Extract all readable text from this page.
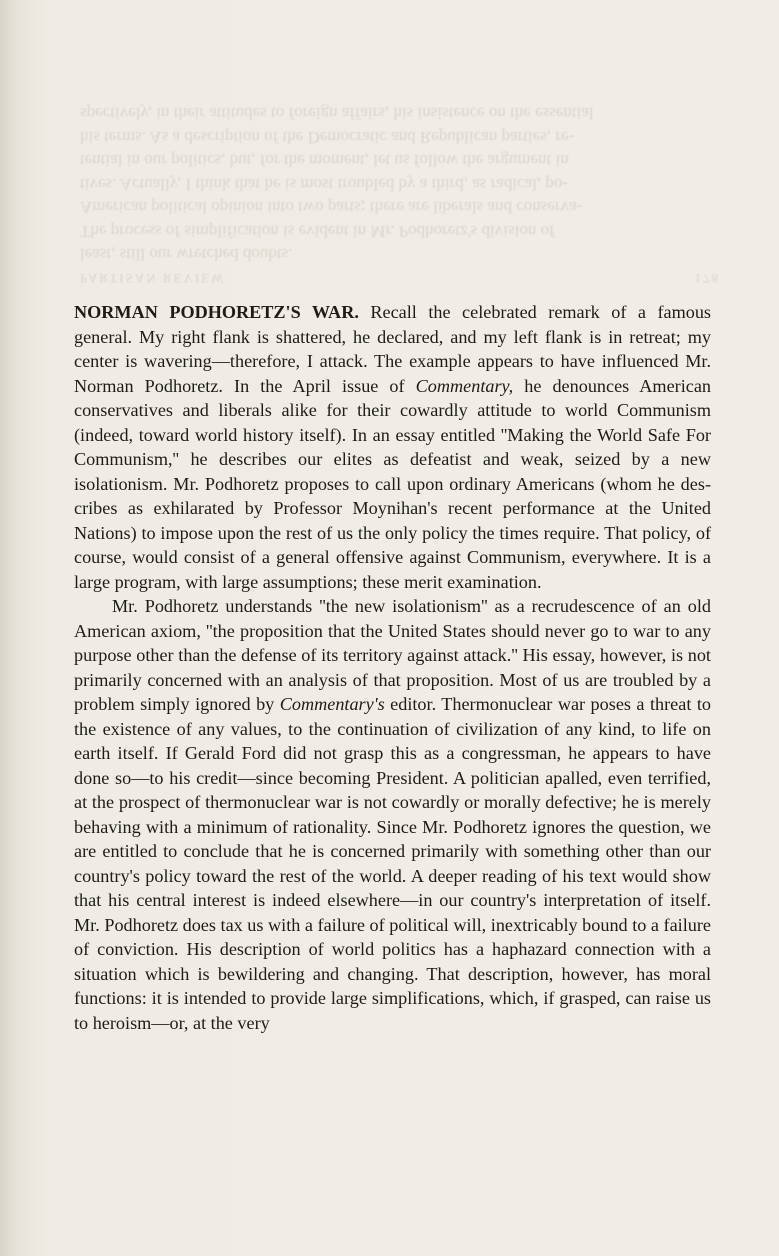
PARTISAN REVIEW	178
least, still our wretched doubts.
The process of simplification is evident in Mr. Podhoretz's division of
American political opinion into two parts; there are liberals and conserva-
tives. Actually, I think that he is most troubled by a third, as radical, po-
tential in our politics, but, for the moment, let us follow the argument in
his terms. As a description of the Democratic and Republican parties, re-
spectively, in their attitudes to foreign affairs, his insistence on the essential

NORMAN PODHORETZ'S WAR. Recall the celebrated remark of a famous general. My right flank is shattered, he declared, and my left flank is in retreat; my center is wavering—therefore, I attack. The example appears to have influenced Mr. Norman Podhoretz. In the April issue of Commentary, he denounces American conservatives and liberals alike for their cowardly attitude to world Communism (indeed, toward world history itself). In an essay entitled ''Making the World Safe For Communism,'' he describes our elites as defeatist and weak, seized by a new isolationism. Mr. Podhoretz proposes to call upon ordinary Americans (whom he describes as exhilarated by Professor Moynihan's recent performance at the United Nations) to impose upon the rest of us the only policy the times require. That policy, of course, would consist of a general offensive against Communism, everywhere. It is a large program, with large assumptions; these merit examination.

Mr. Podhoretz understands ''the new isolationism'' as a recrudescence of an old American axiom, ''the proposition that the United States should never go to war to any purpose other than the defense of its territory against attack.'' His essay, however, is not primarily concerned with an analysis of that proposition. Most of us are troubled by a problem simply ignored by Commentary's editor. Thermonuclear war poses a threat to the existence of any values, to the continuation of civilization of any kind, to life on earth itself. If Gerald Ford did not grasp this as a congressman, he appears to have done so—to his credit—since becoming President. A politician apalled, even terrified, at the prospect of thermonuclear war is not cowardly or morally defective; he is merely behaving with a minimum of rationality. Since Mr. Podhoretz ignores the question, we are entitled to conclude that he is concerned primarily with something other than our country's policy toward the rest of the world. A deeper reading of his text would show that his central interest is indeed elsewhere—in our country's interpretation of itself. Mr. Podhoretz does tax us with a failure of political will, inextricably bound to a failure of conviction. His description of world politics has a haphazard connection with a situation which is bewildering and changing. That description, however, has moral functions: it is intended to provide large simplifications, which, if grasped, can raise us to heroism—or, at the very
